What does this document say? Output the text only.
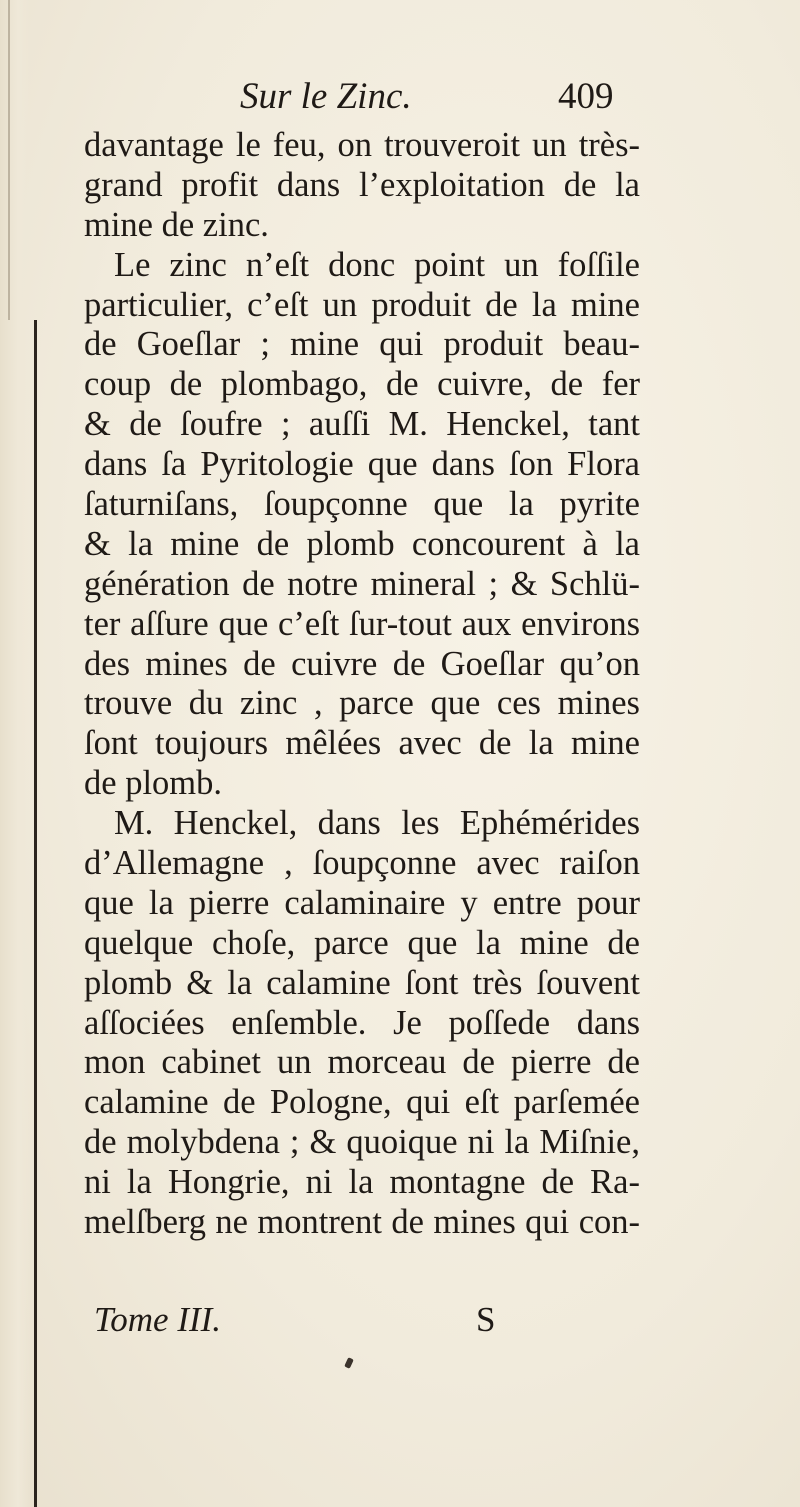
Sur le Zinc.	409
davantage le feu, on trouveroit un très-
grand profit dans l’exploitation de la
mine de zinc.
Le zinc n’eſt donc point un foſſile
particulier, c’eſt un produit de la mine
de Goeſlar ; mine qui produit beau-
coup de plombago, de cuivre, de fer
& de ſoufre ; auſſi M. Henckel, tant
dans ſa Pyritologie que dans ſon Flora
ſaturniſans, ſoupçonne que la pyrite
& la mine de plomb concourent à la
génération de notre mineral ; & Schlü-
ter aſſure que c’eſt ſur-tout aux environs
des mines de cuivre de Goeſlar qu’on
trouve du zinc , parce que ces mines
ſont toujours mêlées avec de la mine
de plomb.
M. Henckel, dans les Ephémérides
d’Allemagne , ſoupçonne avec raiſon
que la pierre calaminaire y entre pour
quelque choſe, parce que la mine de
plomb & la calamine ſont très ſouvent
aſſociées enſemble. Je poſſede dans
mon cabinet un morceau de pierre de
calamine de Pologne, qui eſt parſemée
de molybdena ; & quoique ni la Miſnie,
ni la Hongrie, ni la montagne de Ra-
melſberg ne montrent de mines qui con-
Tome III.	S
